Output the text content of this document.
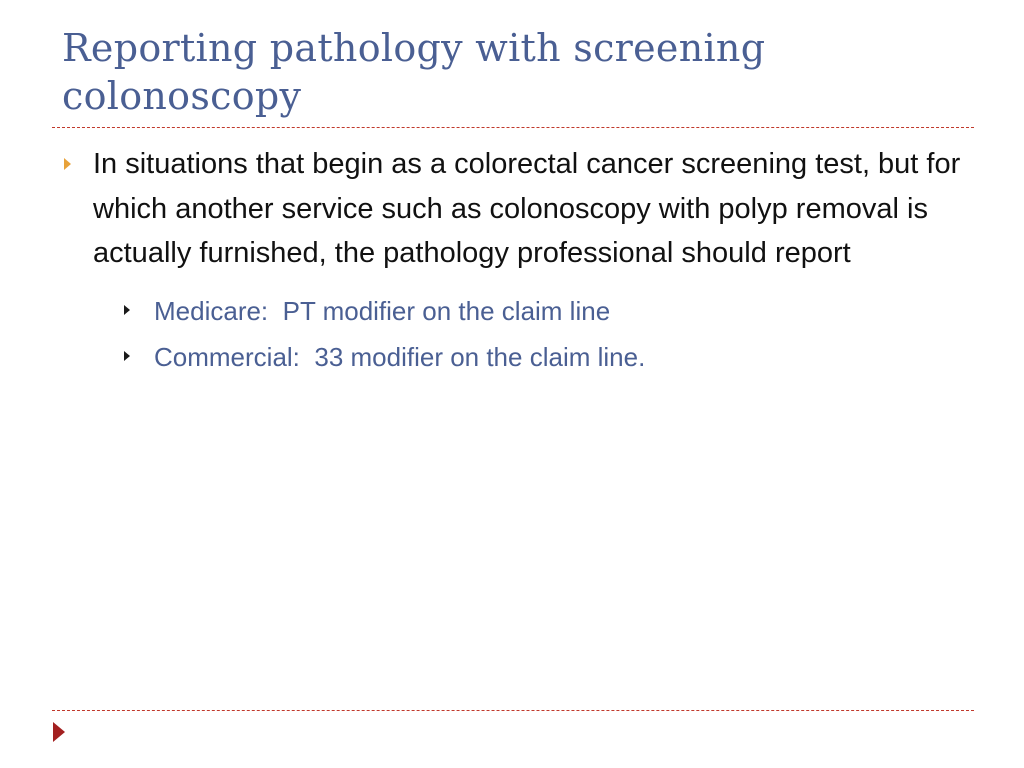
Reporting pathology with screening colonoscopy
In situations that begin as a colorectal cancer screening test, but for which another service such as colonoscopy with polyp removal is actually furnished, the pathology professional should report
Medicare:  PT modifier on the claim line
Commercial:  33 modifier on the claim line.
